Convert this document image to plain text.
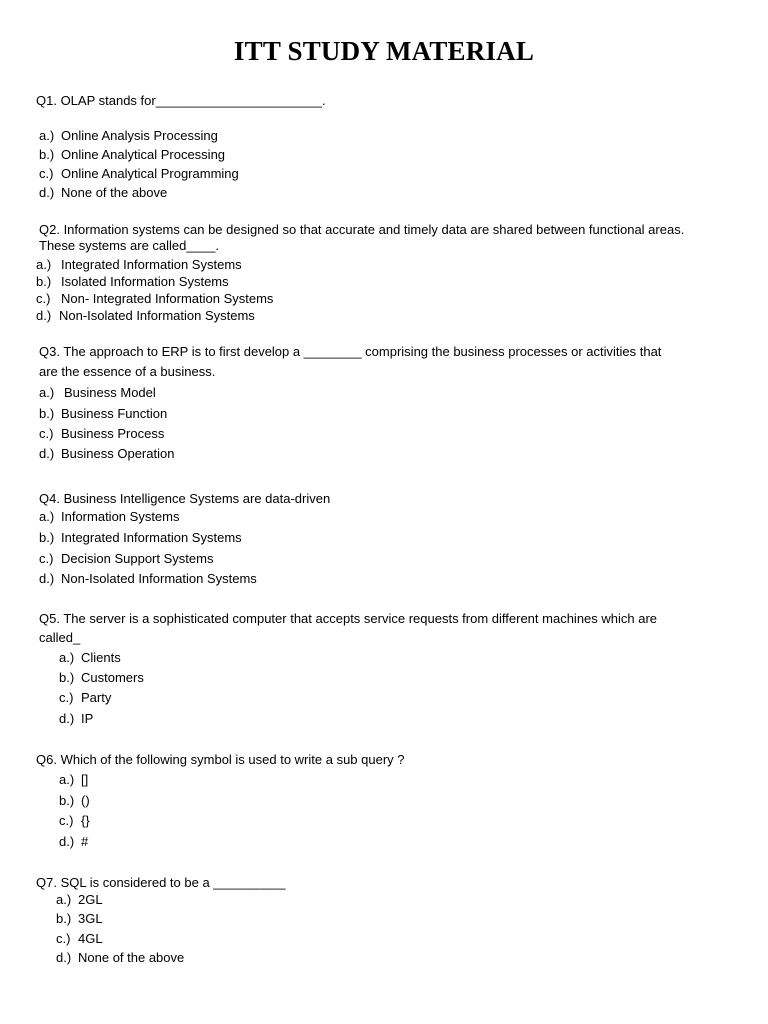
ITT STUDY MATERIAL
Q1. OLAP stands for_______________________.
a.) Online Analysis Processing
b.) Online Analytical Processing
c.) Online Analytical Programming
d.) None of the above
Q2. Information systems can be designed so that accurate and timely data are shared between functional areas.
These systems are called____.
a.) Integrated Information Systems
b.) Isolated Information Systems
c.) Non- Integrated Information Systems
d.) Non-Isolated Information Systems
Q3. The approach to ERP is to first develop a ________ comprising the business processes or activities that
are the essence of a business.
a.) Business Model
b.) Business Function
c.) Business Process
d.) Business Operation
Q4. Business Intelligence Systems are data-driven
a.) Information Systems
b.) Integrated Information Systems
c.) Decision Support Systems
d.) Non-Isolated Information Systems
Q5. The server is a sophisticated computer that accepts service requests from different machines which are
called_
a.) Clients
b.) Customers
c.) Party
d.) IP
Q6. Which of the following symbol is used to write a sub query ?
a.) []
b.) ()
c.) {}
d.) #
Q7. SQL is considered to be a __________
a.) 2GL
b.) 3GL
c.) 4GL
d.) None of the above
